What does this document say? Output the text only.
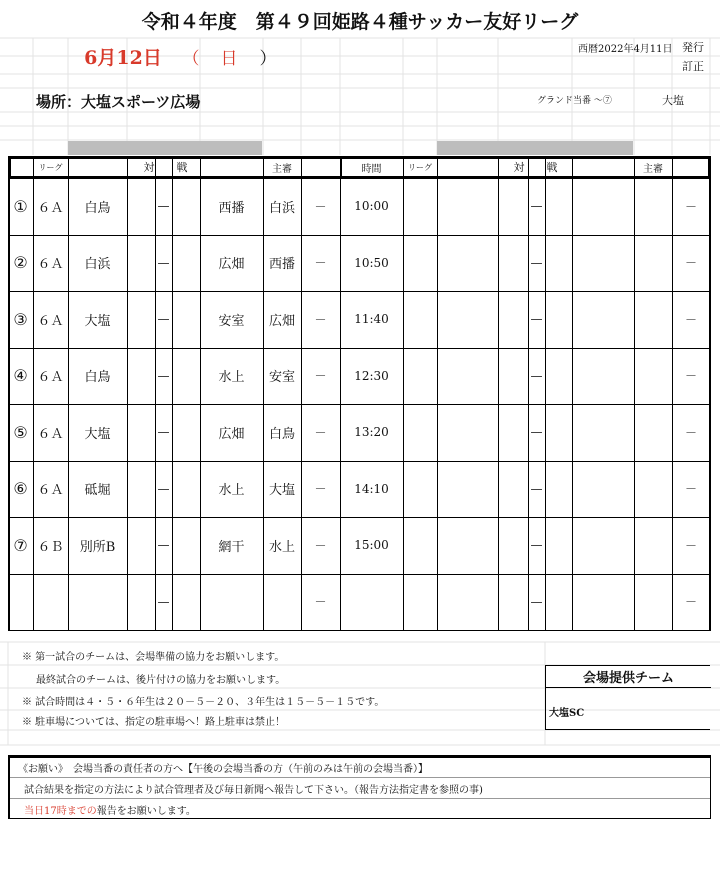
令和４年度　第４９回姫路４種サッカー友好リーグ
6月12日	（	日	）	西暦2022年4月11日 発行
訂正
場所：大塩スポーツ広場	グランド当番 ～⑦	大塩
リーグ	対　　戦	主審	時間	リーグ	対　　戦	主審
① ６Ａ	白鳥	—	西播	白浜	－	10:00	—	－
② ６Ａ	白浜	—	広畑	西播	－	10:50	—	－
③ ６Ａ	大塩	—	安室	広畑	－	11:40	—	－
④ ６Ａ	白鳥	—	水上	安室	－	12:30	—	－
⑤ ６Ａ	大塩	—	広畑	白鳥	－	13:20	—	－
⑥ ６Ａ	砥堀	—	水上	大塩	－	14:10	—	－
⑦ ６Ｂ	別所B	—	網干	水上	－	15:00	—	－
—	－	—	－
※ 第一試合のチームは、会場準備の協力をお願いします。
最終試合のチームは、後片付けの協力をお願いします。
※ 試合時間は４・５・６年生は２０－５－２０、３年生は１５－５－１５です。
※ 駐車場については、指定の駐車場へ！路上駐車は禁止！
会場提供チーム
大塩SC
《お願い》　会場当番の責任者の方へ【午後の会場当番の方（午前のみは午前の会場当番）】
試合結果を指定の方法により試合管理者及び毎日新聞へ報告して下さい。（報告方法指定書を参照の事)
当日17時までの報告をお願いします。
